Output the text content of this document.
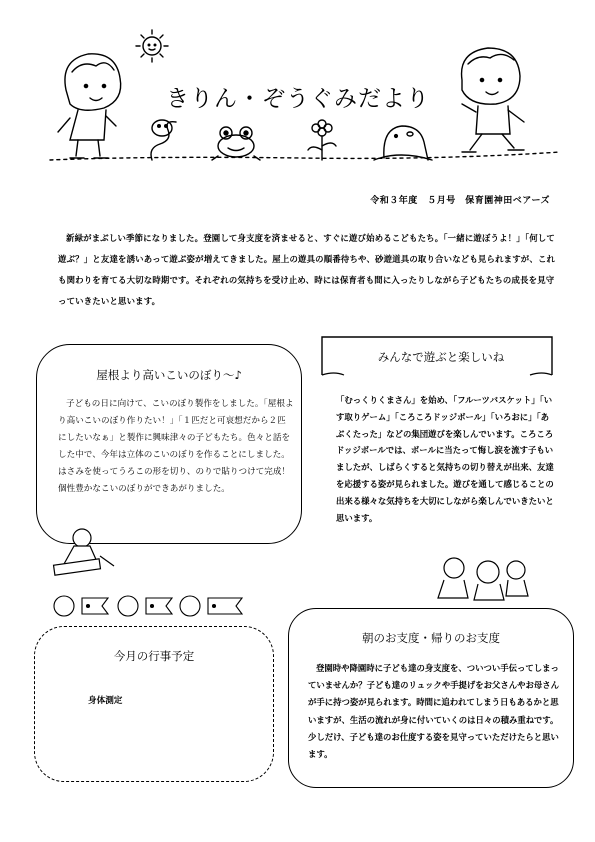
きりん・ぞうぐみだより
令和３年度　５月号　保育園神田ベアーズ
新緑がまぶしい季節になりました。登園して身支度を済ませると、すぐに遊び始めるこどもたち。「一緒に遊ぼうよ！」「何して遊ぶ？」と友達を誘いあって遊ぶ姿が増えてきました。屋上の遊具の順番待ちや、砂遊道具の取り合いなども見られますが、これも関わりを育てる大切な時期です。それぞれの気持ちを受け止め、時には保育者も間に入ったりしながら子どもたちの成長を見守っていきたいと思います。
屋根より高いこいのぼり～♪
子どもの日に向けて、こいのぼり製作をしました。「屋根より高いこいのぼり作りたい！」「１匹だと可哀想だから２匹にしたいなぁ」と製作に興味津々の子どもたち。色々と話をした中で、今年は立体のこいのぼりを作ることにしました。はさみを使ってうろこの形を切り、のりで貼りつけて完成！個性豊かなこいのぼりができあがりました。
みんなで遊ぶと楽しいね
「むっくりくまさん」を始め、「フルーツバスケット」「いす取りゲーム」「ころころドッジボール」「いろおに」「あぶくたった」などの集団遊びを楽しんでいます。ころころドッジボールでは、ボールに当たって悔し涙を流す子もいましたが、しばらくすると気持ちの切り替えが出来、友達を応援する姿が見られました。遊びを通して感じることの出来る様々な気持ちを大切にしながら楽しんでいきたいと思います。
今月の行事予定
身体測定
朝のお支度・帰りのお支度
登園時や降園時に子ども達の身支度を、ついつい手伝ってしまっていませんか？子ども達のリュックや手提げをお父さんやお母さんが手に持つ姿が見られます。時間に追われてしまう日もあるかと思いますが、生活の流れが身に付いていくのは日々の積み重ねです。少しだけ、子ども達のお仕度する姿を見守っていただけたらと思います。
